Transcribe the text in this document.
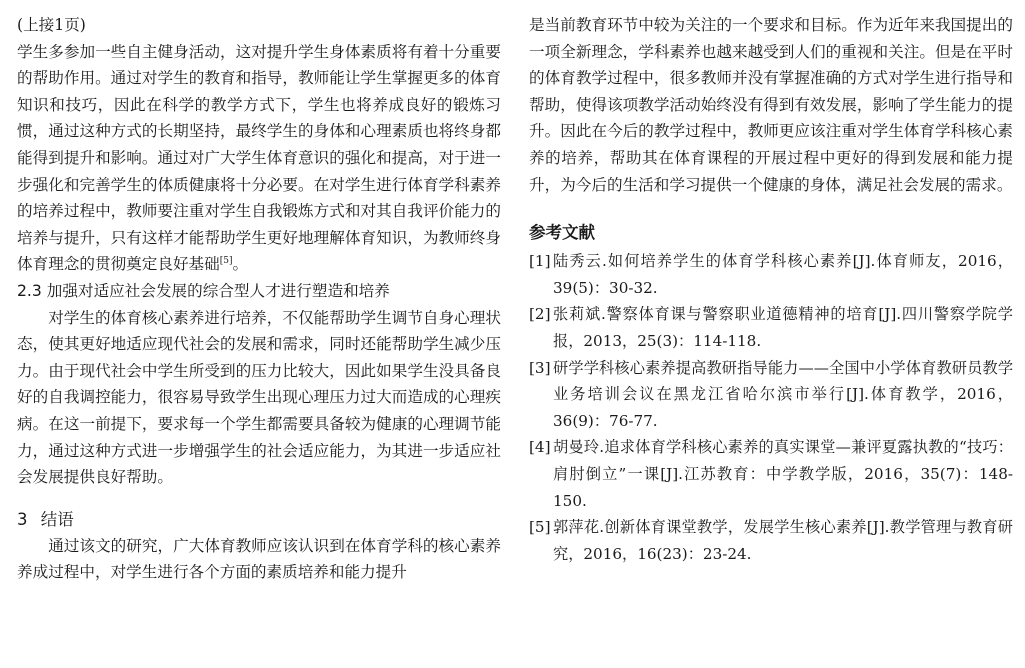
(上接1页)

学生多参加一些自主健身活动，这对提升学生身体素质将有着十分重要的帮助作用。通过对学生的教育和指导，教师能让学生掌握更多的体育知识和技巧，因此在科学的教学方式下，学生也将养成良好的锻炼习惯，通过这种方式的长期坚持，最终学生的身体和心理素质也将终身都能得到提升和影响。通过对广大学生体育意识的强化和提高，对于进一步强化和完善学生的体质健康将十分必要。在对学生进行体育学科素养的培养过程中，教师要注重对学生自我锻炼方式和对其自我评价能力的培养与提升，只有这样才能帮助学生更好地理解体育知识，为教师终身体育理念的贯彻奠定良好基础[5]。

2.3 加强对适应社会发展的综合型人才进行塑造和培养

对学生的体育核心素养进行培养，不仅能帮助学生调节自身心理状态，使其更好地适应现代社会的发展和需求，同时还能帮助学生减少压力。由于现代社会中学生所受到的压力比较大，因此如果学生没具备良好的自我调控能力，很容易导致学生出现心理压力过大而造成的心理疾病。在这一前提下，要求每一个学生都需要具备较为健康的心理调节能力，通过这种方式进一步增强学生的社会适应能力，为其进一步适应社会发展提供良好帮助。

3 结语

通过该文的研究，广大体育教师应该认识到在体育学科的核心素养养成过程中，对学生进行各个方面的素质培养和能力提升

是当前教育环节中较为关注的一个要求和目标。作为近年来我国提出的一项全新理念，学科素养也越来越受到人们的重视和关注。但是在平时的体育教学过程中，很多教师并没有掌握准确的方式对学生进行指导和帮助，使得该项教学活动始终没有得到有效发展，影响了学生能力的提升。因此在今后的教学过程中，教师更应该注重对学生体育学科核心素养的培养，帮助其在体育课程的开展过程中更好的得到发展和能力提升，为今后的生活和学习提供一个健康的身体，满足社会发展的需求。

参考文献
[1] 陆秀云.如何培养学生的体育学科核心素养[J].体育师友，2016，39(5)：30-32.
[2] 张莉斌.警察体育课与警察职业道德精神的培育[J].四川警察学院学报，2013，25(3)：114-118.
[3] 研学学科核心素养提高教研指导能力——全国中小学体育教研员教学业务培训会议在黑龙江省哈尔滨市举行[J].体育教学，2016，36(9)：76-77.
[4] 胡曼玲.追求体育学科核心素养的真实课堂—兼评夏露执教的“技巧：肩肘倒立”一课[J].江苏教育：中学教学版，2016，35(7)：148-150.
[5] 郭萍花.创新体育课堂教学，发展学生核心素养[J].教学管理与教育研究，2016，16(23)：23-24.
